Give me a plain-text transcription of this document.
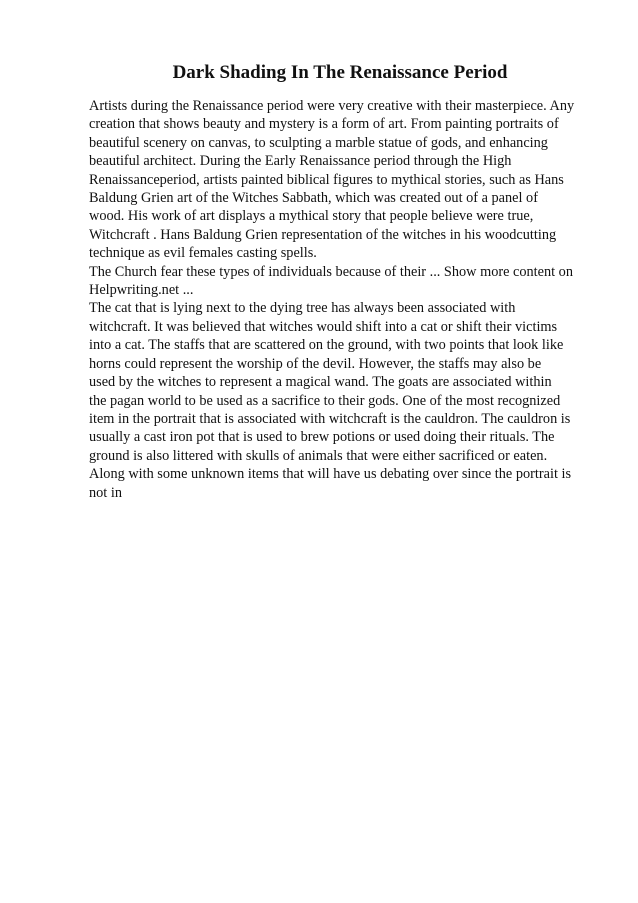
Dark Shading In The Renaissance Period
Artists during the Renaissance period were very creative with their masterpiece. Any
creation that shows beauty and mystery is a form of art. From painting portraits of
beautiful scenery on canvas, to sculpting a marble statue of gods, and enhancing
beautiful architect. During the Early Renaissance period through the High
Renaissanceperiod, artists painted biblical figures to mythical stories, such as Hans
Baldung Grien art of the Witches Sabbath, which was created out of a panel of
wood. His work of art displays a mythical story that people believe were true,
Witchcraft . Hans Baldung Grien representation of the witches in his woodcutting
technique as evil females casting spells.
The Church fear these types of individuals because of their ... Show more content on
Helpwriting.net ...
The cat that is lying next to the dying tree has always been associated with
witchcraft. It was believed that witches would shift into a cat or shift their victims
into a cat. The staffs that are scattered on the ground, with two points that look like
horns could represent the worship of the devil. However, the staffs may also be
used by the witches to represent a magical wand. The goats are associated within
the pagan world to be used as a sacrifice to their gods. One of the most recognized
item in the portrait that is associated with witchcraft is the cauldron. The cauldron is
usually a cast iron pot that is used to brew potions or used doing their rituals. The
ground is also littered with skulls of animals that were either sacrificed or eaten.
Along with some unknown items that will have us debating over since the portrait is
not in
